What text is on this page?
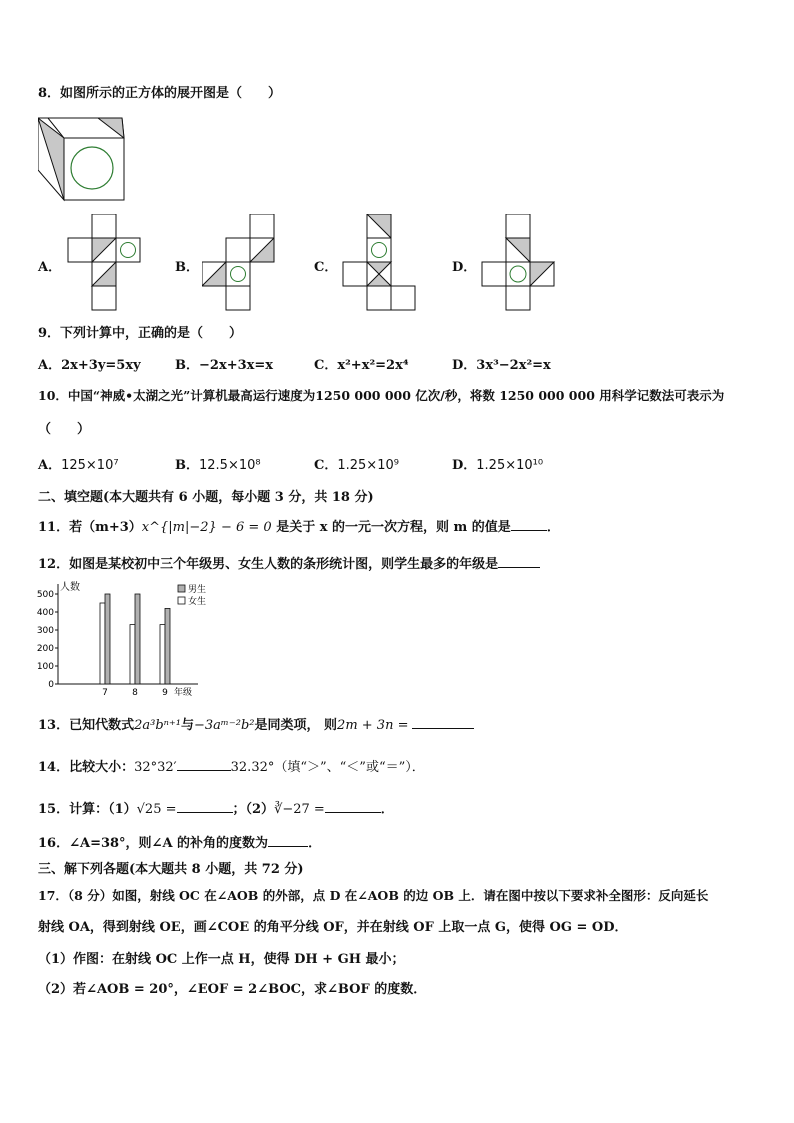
8．如图所示的正方体的展开图是（　　）
A．	B．	C．	D．
9．下列计算中，正确的是（　　）
A．2x+3y=5xy	B．−2x+3x=x	C．x²+x²=2x⁴	D．3x³−2x²=x
10．中国“神威•太湖之光”计算机最高运行速度为1250 000 000 亿次/秒，将数 1250 000 000 用科学记数法可表示为
（　　）
A．125×10⁷	B．12.5×10⁸	C．1.25×10⁹	D．1.25×10¹⁰
二、填空题(本大题共有 6 小题，每小题 3 分，共 18 分)
11．若（m+3）x^{|m|−2} − 6 = 0 是关于 x 的一元一次方程，则 m 的值是	．
12．如图是某校初中三个年级男、女生人数的条形统计图，则学生最多的年级是
0
100
200
300
400
500
人数
7	8	9 年级
男生
女生
13．已知代数式2a³bⁿ⁺¹与−3aᵐ⁻²b²是同类项， 则2m + 3n =
14．比较大小：32°32′	32.32°（填“＞”、“＜”或“＝”）．
15．计算：（1）√25 =	；（2）∛−27 =	．
16．∠A=38°，则∠A 的补角的度数为	．
三、解下列各题(本大题共 8 小题，共 72 分)
17．（8 分）如图，射线 OC 在∠AOB 的外部，点 D 在∠AOB 的边 OB 上．请在图中按以下要求补全图形：反向延长
射线 OA，得到射线 OE，画∠COE 的角平分线 OF，并在射线 OF 上取一点 G，使得 OG = OD．
（1）作图：在射线 OC 上作一点 H，使得 DH + GH 最小；
（2）若∠AOB = 20°，∠EOF = 2∠BOC，求∠BOF 的度数．
